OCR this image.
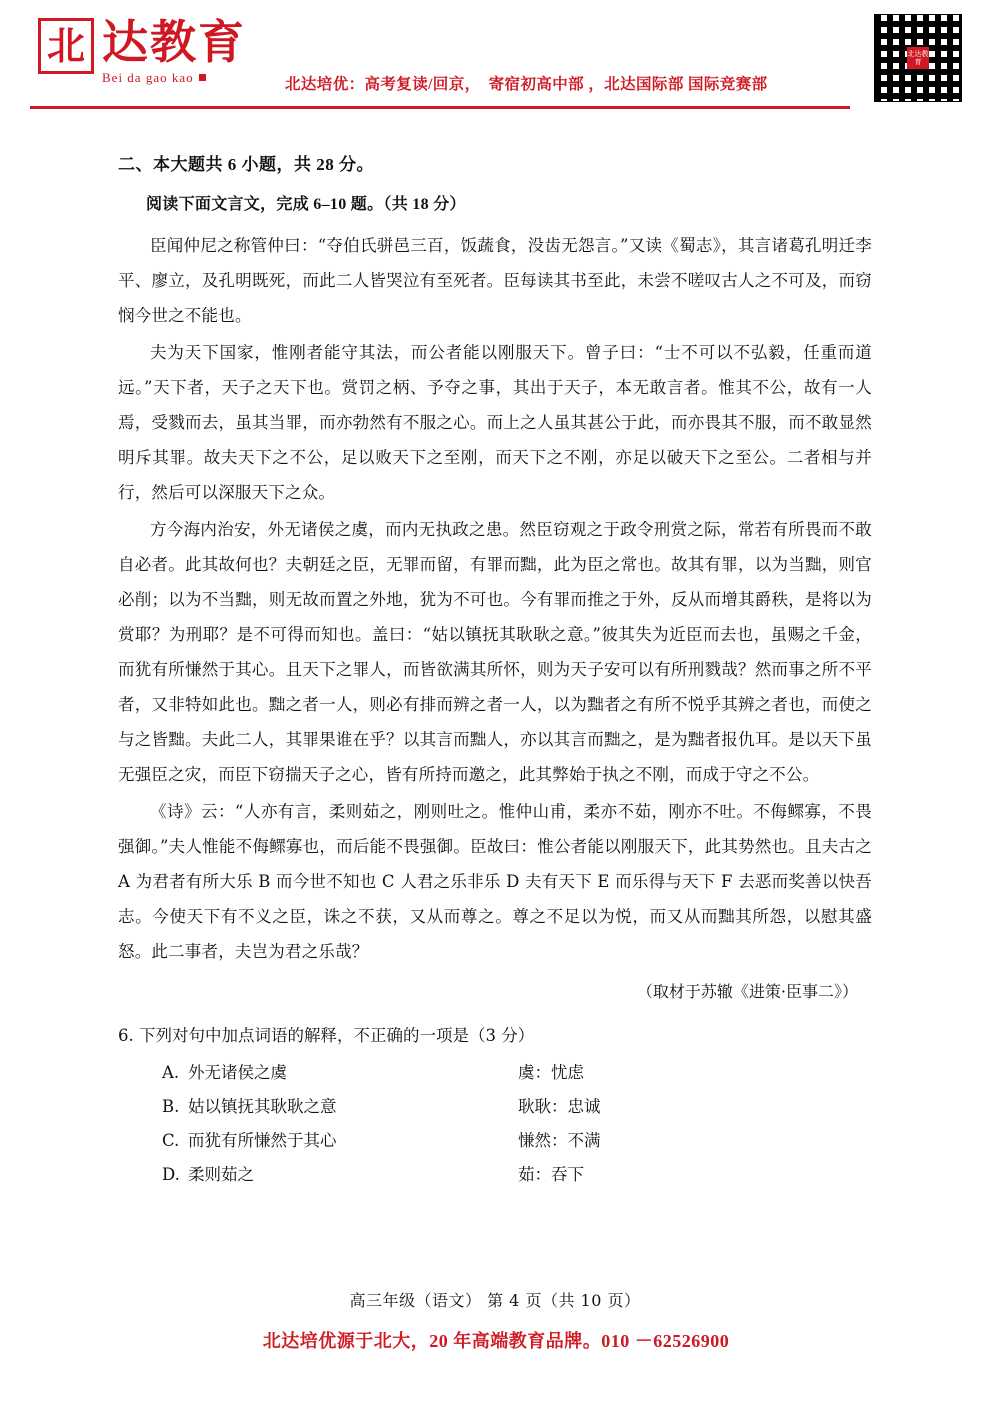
北 达教育
Bei da gao kao	北达培优：高考复读/回京，　寄宿初高中部 ，北达国际部 国际竞赛部
北达教育
二、本大题共 6 小题，共 28 分。
阅读下面文言文，完成 6–10 题。（共 18 分）

臣闻仲尼之称管仲曰：“夺伯氏骈邑三百，饭蔬食，没齿无怨言。”又读《蜀志》，其言诸葛孔明迁李平、廖立，及孔明既死，而此二人皆哭泣有至死者。臣每读其书至此，未尝不嗟叹古人之不可及，而窃悯今世之不能也。

夫为天下国家，惟刚者能守其法，而公者能以刚服天下。曾子曰：“士不可以不弘毅，任重而道远。”天下者，天子之天下也。赏罚之柄、予夺之事，其出于天子，本无敢言者。惟其不公，故有一人焉，受戮而去，虽其当罪，而亦勃然有不服之心。而上之人虽其甚公于此，而亦畏其不服，而不敢显然明斥其罪。故夫天下之不公，足以败天下之至刚，而天下之不刚，亦足以破天下之至公。二者相与并行，然后可以深服天下之众。

方今海内治安，外无诸侯之虞，而内无执政之患。然臣窃观之于政令刑赏之际，常若有所畏而不敢自必者。此其故何也？夫朝廷之臣，无罪而留，有罪而黜，此为臣之常也。故其有罪，以为当黜，则官必削；以为不当黜，则无故而置之外地，犹为不可也。今有罪而推之于外，反从而增其爵秩，是将以为赏耶？为刑耶？是不可得而知也。盖曰：“姑以镇抚其耿耿之意。”彼其失为近臣而去也，虽赐之千金，而犹有所慊然于其心。且天下之罪人，而皆欲满其所怀，则为天子安可以有所刑戮哉？然而事之所不平者，又非特如此也。黜之者一人，则必有排而辨之者一人，以为黜者之有所不悦乎其辨之者也，而使之与之皆黜。夫此二人，其罪果谁在乎？以其言而黜人，亦以其言而黜之，是为黜者报仇耳。是以天下虽无强臣之灾，而臣下窃揣天子之心，皆有所持而邀之，此其弊始于执之不刚，而成于守之不公。

《诗》云：“人亦有言，柔则茹之，刚则吐之。惟仲山甫，柔亦不茹，刚亦不吐。不侮鳏寡，不畏强御。”夫人惟能不侮鳏寡也，而后能不畏强御。臣故曰：惟公者能以刚服天下，此其势然也。且夫古之 A 为君者有所大乐 B 而今世不知也 C 人君之乐非乐 D 夫有天下 E 而乐得与天下 F 去恶而奖善以快吾志。今使天下有不义之臣，诛之不获，又从而尊之。尊之不足以为悦，而又从而黜其所怨，以慰其盛怒。此二事者，夫岂为君之乐哉？

（取材于苏辙《进策·臣事二》）
6. 下列对句中加点词语的解释，不正确的一项是（3 分）
A. 外无诸侯之虞	虞：忧虑
B. 姑以镇抚其耿耿之意	耿耿：忠诚
C. 而犹有所慊然于其心	慊然：不满
D. 柔则茹之	茹：吞下
高三年级（语文） 第 4 页（共 10 页）
北达培优源于北大，20 年高端教育品牌。010 －62526900
